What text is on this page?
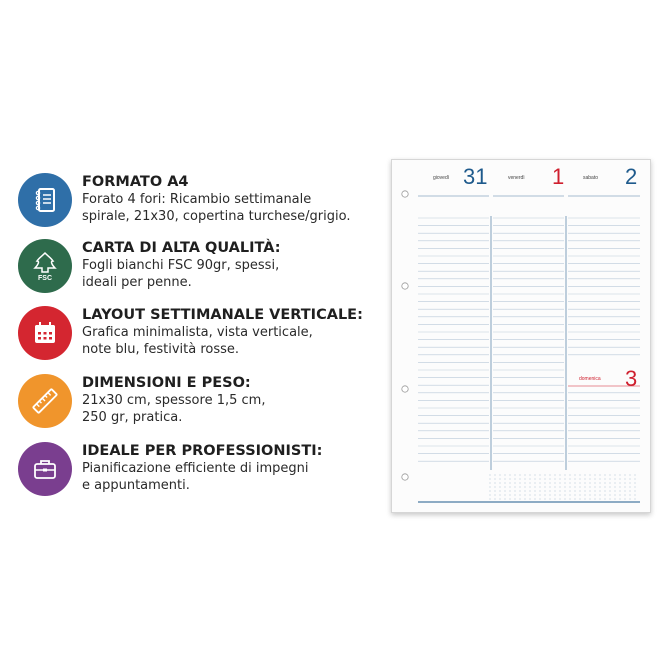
FORMATO A4
Forato 4 fori: Ricambio settimanale
spirale, 21x30, copertina turchese/grigio.
FSC
CARTA DI ALTA QUALITÀ:
Fogli bianchi FSC 90gr, spessi,
ideali per penne.
LAYOUT SETTIMANALE VERTICALE:
Grafica minimalista, vista verticale,
note blu, festività rosse.
DIMENSIONI E PESO:
21x30 cm, spessore 1,5 cm,
250 gr, pratica.
IDEALE PER PROFESSIONISTI:
Pianificazione efficiente di impegni
e appuntamenti.
giovedì 31	venerdì 1	sabato 2
domenica 3
